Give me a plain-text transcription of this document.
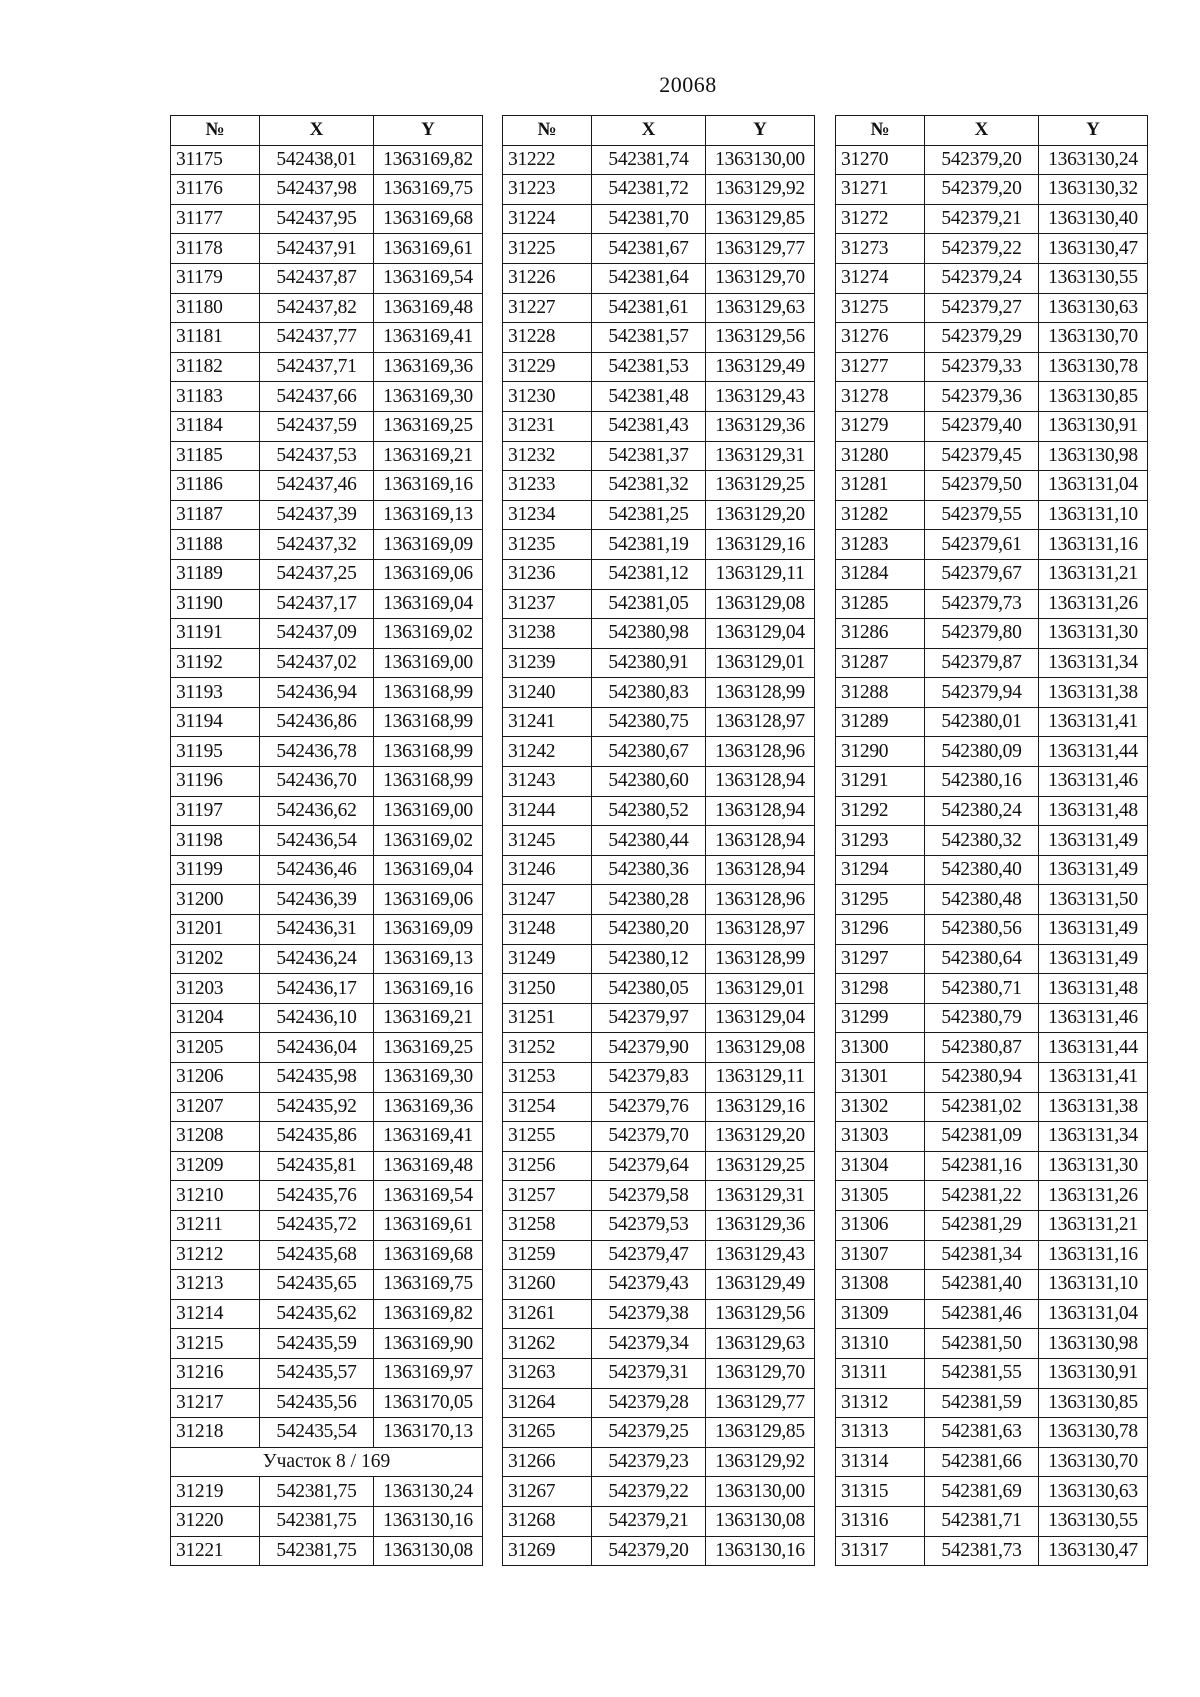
20068
№	X	Y
31175	542438,01	1363169,82
31176	542437,98	1363169,75
31177	542437,95	1363169,68
31178	542437,91	1363169,61
31179	542437,87	1363169,54
31180	542437,82	1363169,48
31181	542437,77	1363169,41
31182	542437,71	1363169,36
31183	542437,66	1363169,30
31184	542437,59	1363169,25
31185	542437,53	1363169,21
31186	542437,46	1363169,16
31187	542437,39	1363169,13
31188	542437,32	1363169,09
31189	542437,25	1363169,06
31190	542437,17	1363169,04
31191	542437,09	1363169,02
31192	542437,02	1363169,00
31193	542436,94	1363168,99
31194	542436,86	1363168,99
31195	542436,78	1363168,99
31196	542436,70	1363168,99
31197	542436,62	1363169,00
31198	542436,54	1363169,02
31199	542436,46	1363169,04
31200	542436,39	1363169,06
31201	542436,31	1363169,09
31202	542436,24	1363169,13
31203	542436,17	1363169,16
31204	542436,10	1363169,21
31205	542436,04	1363169,25
31206	542435,98	1363169,30
31207	542435,92	1363169,36
31208	542435,86	1363169,41
31209	542435,81	1363169,48
31210	542435,76	1363169,54
31211	542435,72	1363169,61
31212	542435,68	1363169,68
31213	542435,65	1363169,75
31214	542435,62	1363169,82
31215	542435,59	1363169,90
31216	542435,57	1363169,97
31217	542435,56	1363170,05
31218	542435,54	1363170,13
Участок 8 / 169		
31219	542381,75	1363130,24
31220	542381,75	1363130,16
31221	542381,75	1363130,08
№	X	Y
31222	542381,74	1363130,00
31223	542381,72	1363129,92
31224	542381,70	1363129,85
31225	542381,67	1363129,77
31226	542381,64	1363129,70
31227	542381,61	1363129,63
31228	542381,57	1363129,56
31229	542381,53	1363129,49
31230	542381,48	1363129,43
31231	542381,43	1363129,36
31232	542381,37	1363129,31
31233	542381,32	1363129,25
31234	542381,25	1363129,20
31235	542381,19	1363129,16
31236	542381,12	1363129,11
31237	542381,05	1363129,08
31238	542380,98	1363129,04
31239	542380,91	1363129,01
31240	542380,83	1363128,99
31241	542380,75	1363128,97
31242	542380,67	1363128,96
31243	542380,60	1363128,94
31244	542380,52	1363128,94
31245	542380,44	1363128,94
31246	542380,36	1363128,94
31247	542380,28	1363128,96
31248	542380,20	1363128,97
31249	542380,12	1363128,99
31250	542380,05	1363129,01
31251	542379,97	1363129,04
31252	542379,90	1363129,08
31253	542379,83	1363129,11
31254	542379,76	1363129,16
31255	542379,70	1363129,20
31256	542379,64	1363129,25
31257	542379,58	1363129,31
31258	542379,53	1363129,36
31259	542379,47	1363129,43
31260	542379,43	1363129,49
31261	542379,38	1363129,56
31262	542379,34	1363129,63
31263	542379,31	1363129,70
31264	542379,28	1363129,77
31265	542379,25	1363129,85
31266	542379,23	1363129,92
31267	542379,22	1363130,00
31268	542379,21	1363130,08
31269	542379,20	1363130,16
№	X	Y
31270	542379,20	1363130,24
31271	542379,20	1363130,32
31272	542379,21	1363130,40
31273	542379,22	1363130,47
31274	542379,24	1363130,55
31275	542379,27	1363130,63
31276	542379,29	1363130,70
31277	542379,33	1363130,78
31278	542379,36	1363130,85
31279	542379,40	1363130,91
31280	542379,45	1363130,98
31281	542379,50	1363131,04
31282	542379,55	1363131,10
31283	542379,61	1363131,16
31284	542379,67	1363131,21
31285	542379,73	1363131,26
31286	542379,80	1363131,30
31287	542379,87	1363131,34
31288	542379,94	1363131,38
31289	542380,01	1363131,41
31290	542380,09	1363131,44
31291	542380,16	1363131,46
31292	542380,24	1363131,48
31293	542380,32	1363131,49
31294	542380,40	1363131,49
31295	542380,48	1363131,50
31296	542380,56	1363131,49
31297	542380,64	1363131,49
31298	542380,71	1363131,48
31299	542380,79	1363131,46
31300	542380,87	1363131,44
31301	542380,94	1363131,41
31302	542381,02	1363131,38
31303	542381,09	1363131,34
31304	542381,16	1363131,30
31305	542381,22	1363131,26
31306	542381,29	1363131,21
31307	542381,34	1363131,16
31308	542381,40	1363131,10
31309	542381,46	1363131,04
31310	542381,50	1363130,98
31311	542381,55	1363130,91
31312	542381,59	1363130,85
31313	542381,63	1363130,78
31314	542381,66	1363130,70
31315	542381,69	1363130,63
31316	542381,71	1363130,55
31317	542381,73	1363130,47
